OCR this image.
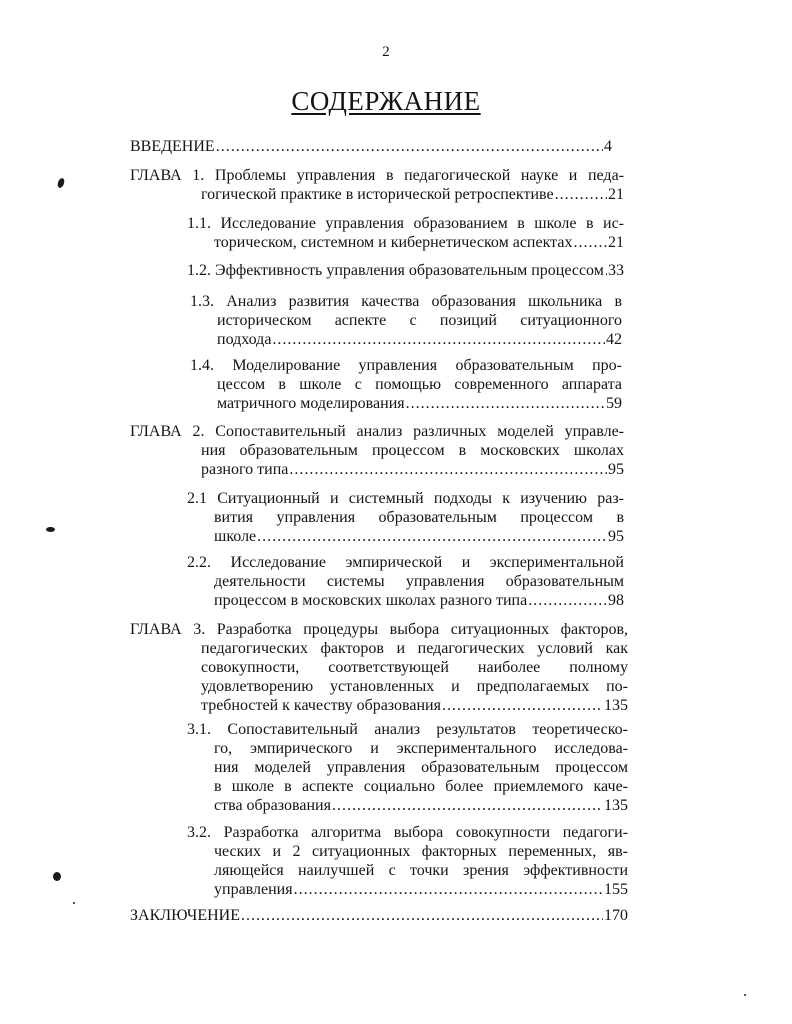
2
СОДЕРЖАНИЕ
ВВЕДЕНИЕ .....	4
ГЛАВА 1. Проблемы управления в педагогической науке и педа-
гогической практике в исторической ретроспективе .....	21
1.1. Исследование управления образованием в школе в ис-
торическом, системном и кибернетическом аспектах ..... 21
1.2. Эффективность управления образовательным процессом ..... 33
1.3. Анализ развития качества образования школьника в
историческом аспекте с позиций ситуационного
подхода .....	42
1.4. Моделирование управления образовательным про-
цессом в школе с помощью современного аппарата
матричного моделирования .....	59
ГЛАВА 2. Сопоставительный анализ различных моделей управле-
ния образовательным процессом в московских школах
разного типа .....	95
2.1 Ситуационный и системный подходы к изучению раз-
вития управления образовательным процессом в
школе .....	95
2.2. Исследование эмпирической и экспериментальной
деятельности системы управления образовательным
процессом в московских школах разного типа .....	98
ГЛАВА 3. Разработка процедуры выбора ситуационных факторов,
педагогических факторов и педагогических условий как
совокупности, соответствующей наиболее полному
удовлетворению установленных и предполагаемых по-
требностей к качеству образования .....	135
3.1. Сопоставительный анализ результатов теоретическо-
го, эмпирического и экспериментального исследова-
ния моделей управления образовательным процессом
в школе в аспекте социально более приемлемого каче-
ства образования .....	135
3.2. Разработка алгоритма выбора совокупности педагоги-
ческих и 2 ситуационных факторных переменных, яв-
ляющейся наилучшей с точки зрения эффективности
управления .....	155
ЗАКЛЮЧЕНИЕ .....	170
